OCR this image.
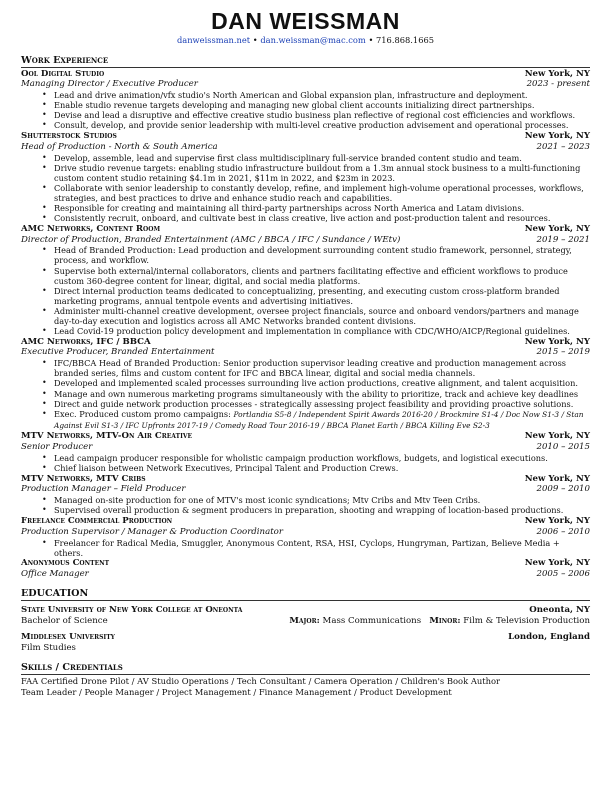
DAN WEISSMAN
danweissman.net • dan.weissman@mac.com • 716.868.1665
Work Experience
Ool Digital Studio	New York, NY
Managing Director / Executive Producer	2023 - present
• Lead and drive animation/vfx studio's North American and Global expansion plan, infrastructure and deployment.
• Enable studio revenue targets developing and managing new global client accounts initializing direct partnerships.
• Devise and lead a disruptive and effective creative studio business plan reflective of regional cost efficiencies and workflows.
• Consult, develop, and provide senior leadership with multi-level creative production advisement and operational processes.
Shutterstock Studios	New York, NY
Head of Production - North & South America	2021 – 2023
• Develop, assemble, lead and supervise first class multidisciplinary full-service branded content studio and team.
• Drive studio revenue targets: enabling studio infrastructure buildout from a 1.3m annual stock business to a multi-functioning custom content studio retaining $4.1m in 2021, $11m in 2022, and $23m in 2023.
• Collaborate with senior leadership to constantly develop, refine, and implement high-volume operational processes, workflows, strategies, and best practices to drive and enhance studio reach and capabilities.
• Responsible for creating and maintaining all third-party partnerships across North America and Latam divisions.
• Consistently recruit, onboard, and cultivate best in class creative, live action and post-production talent and resources.
AMC Networks, Content Room	New York, NY
Director of Production, Branded Entertainment (AMC / BBCA / IFC / Sundance / WEtv)	2019 – 2021
• Head of Branded Production: Lead production and development surrounding content studio framework, personnel, strategy, process, and workflow.
• Supervise both external/internal collaborators, clients and partners facilitating effective and efficient workflows to produce custom 360-degree content for linear, digital, and social media platforms.
• Direct internal production teams dedicated to conceptualizing, presenting, and executing custom cross-platform branded marketing programs, annual tentpole events and advertising initiatives.
• Administer multi-channel creative development, oversee project financials, source and onboard vendors/partners and manage day-to-day execution and logistics across all AMC Networks branded content divisions.
• Lead Covid-19 production policy development and implementation in compliance with CDC/WHO/AICP/Regional guidelines.
AMC Networks, IFC / BBCA	New York, NY
Executive Producer, Branded Entertainment	2015 – 2019
• IFC/BBCA Head of Branded Production: Senior production supervisor leading creative and production management across branded series, films and custom content for IFC and BBCA linear, digital and social media channels.
• Developed and implemented scaled processes surrounding live action productions, creative alignment, and talent acquisition.
• Manage and own numerous marketing programs simultaneously with the ability to prioritize, track and achieve key deadlines
• Direct and guide network production processes - strategically assessing project feasibility and providing proactive solutions.
• Exec. Produced custom promo campaigns: Portlandia S5-8 / Independent Spirit Awards 2016-20 / Brockmire S1-4 / Doc Now S1-3 / Stan Against Evil S1-3 / IFC Upfronts 2017-19 / Comedy Road Tour 2016-19 / BBCA Planet Earth / BBCA Killing Eve S2-3
MTV Networks, MTV-On Air Creative	New York, NY
Senior Producer	2010 – 2015
• Lead campaign producer responsible for wholistic campaign production workflows, budgets, and logistical executions.
• Chief liaison between Network Executives, Principal Talent and Production Crews.
MTV Networks, MTV Cribs	New York, NY
Production Manager – Field Producer	2009 – 2010
• Managed on-site production for one of MTV's most iconic syndications; Mtv Cribs and Mtv Teen Cribs.
• Supervised overall production & segment producers in preparation, shooting and wrapping of location-based productions.
Freelance Commercial Production	New York, NY
Production Supervisor / Manager & Production Coordinator	2006 – 2010
• Freelancer for Radical Media, Smuggler, Anonymous Content, RSA, HSI, Cyclops, Hungryman, Partizan, Believe Media + others.
Anonymous Content	New York, NY
Office Manager	2005 – 2006
EDUCATION
State University of New York College at Oneonta	Oneonta, NY
Bachelor of Science	Major: Mass Communications Minor: Film & Television Production
Middlesex University	London, England
Film Studies
Skills / Credentials

FAA Certified Drone Pilot / AV Studio Operations / Tech Consultant / Camera Operation / Children's Book Author

Team Leader / People Manager / Project Management / Finance Management / Product Development
